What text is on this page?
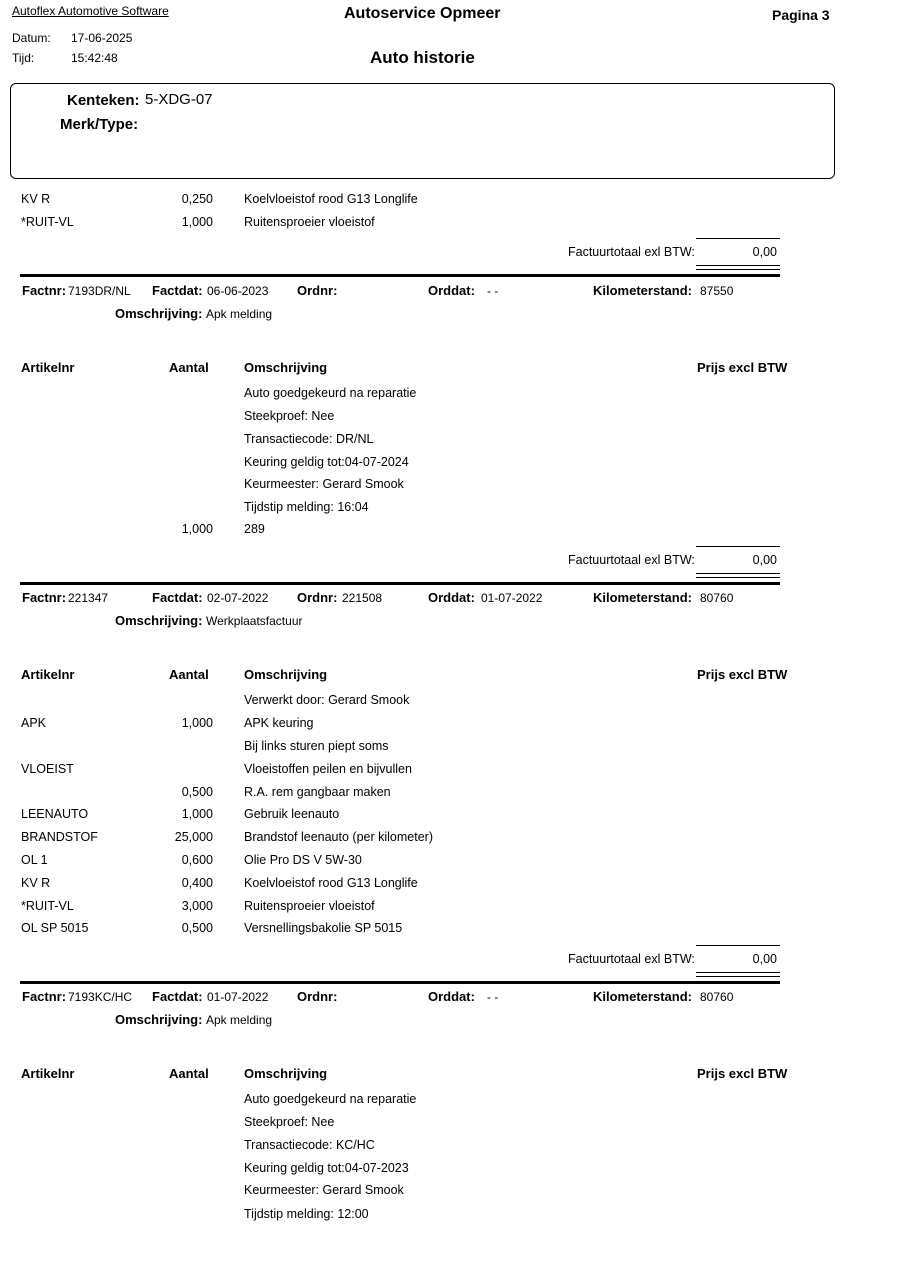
Autoflex Automotive Software	Autoservice Opmeer	Pagina 3
Datum: 17-06-2025
Tijd:	15:42:48	Auto historie
Kenteken: 5-XDG-07
Merk/Type:
KV R	0,250 Koelvloeistof rood G13 Longlife
*RUIT-VL	1,000 Ruitensproeier vloeistof
Factuurtotaal exl BTW:	0,00
Factnr: 7193DR/NL Factdat: 06-06-2023 Ordnr:	Orddat: - -	Kilometerstand: 87550
Omschrijving: Apk melding
Artikelnr	Aantal	Omschrijving	Prijs excl BTW
Auto goedgekeurd na reparatie
Steekproef: Nee
Transactiecode: DR/NL
Keuring geldig tot:04-07-2024
Keurmeester: Gerard Smook
Tijdstip melding: 16:04
1,000 289
Factuurtotaal exl BTW:	0,00
Factnr: 221347	Factdat: 02-07-2022 Ordnr: 221508	Orddat: 01-07-2022	Kilometerstand: 80760
Omschrijving: Werkplaatsfactuur
Artikelnr	Aantal	Omschrijving	Prijs excl BTW
Verwerkt door: Gerard Smook
APK	1,000 APK keuring
Bij links sturen piept soms
VLOEIST	Vloeistoffen peilen en bijvullen
0,500 R.A. rem gangbaar maken
LEENAUTO	1,000 Gebruik leenauto
BRANDSTOF	25,000 Brandstof leenauto (per kilometer)
OL 1	0,600 Olie Pro DS V 5W-30
KV R	0,400 Koelvloeistof rood G13 Longlife
*RUIT-VL	3,000 Ruitensproeier vloeistof
OL SP 5015	0,500 Versnellingsbakolie SP 5015
Factuurtotaal exl BTW:	0,00
Factnr: 7193KC/HC Factdat: 01-07-2022 Ordnr:	Orddat: - -	Kilometerstand: 80760
Omschrijving: Apk melding
Artikelnr	Aantal	Omschrijving	Prijs excl BTW
Auto goedgekeurd na reparatie
Steekproef: Nee
Transactiecode: KC/HC
Keuring geldig tot:04-07-2023
Keurmeester: Gerard Smook
Tijdstip melding: 12:00
